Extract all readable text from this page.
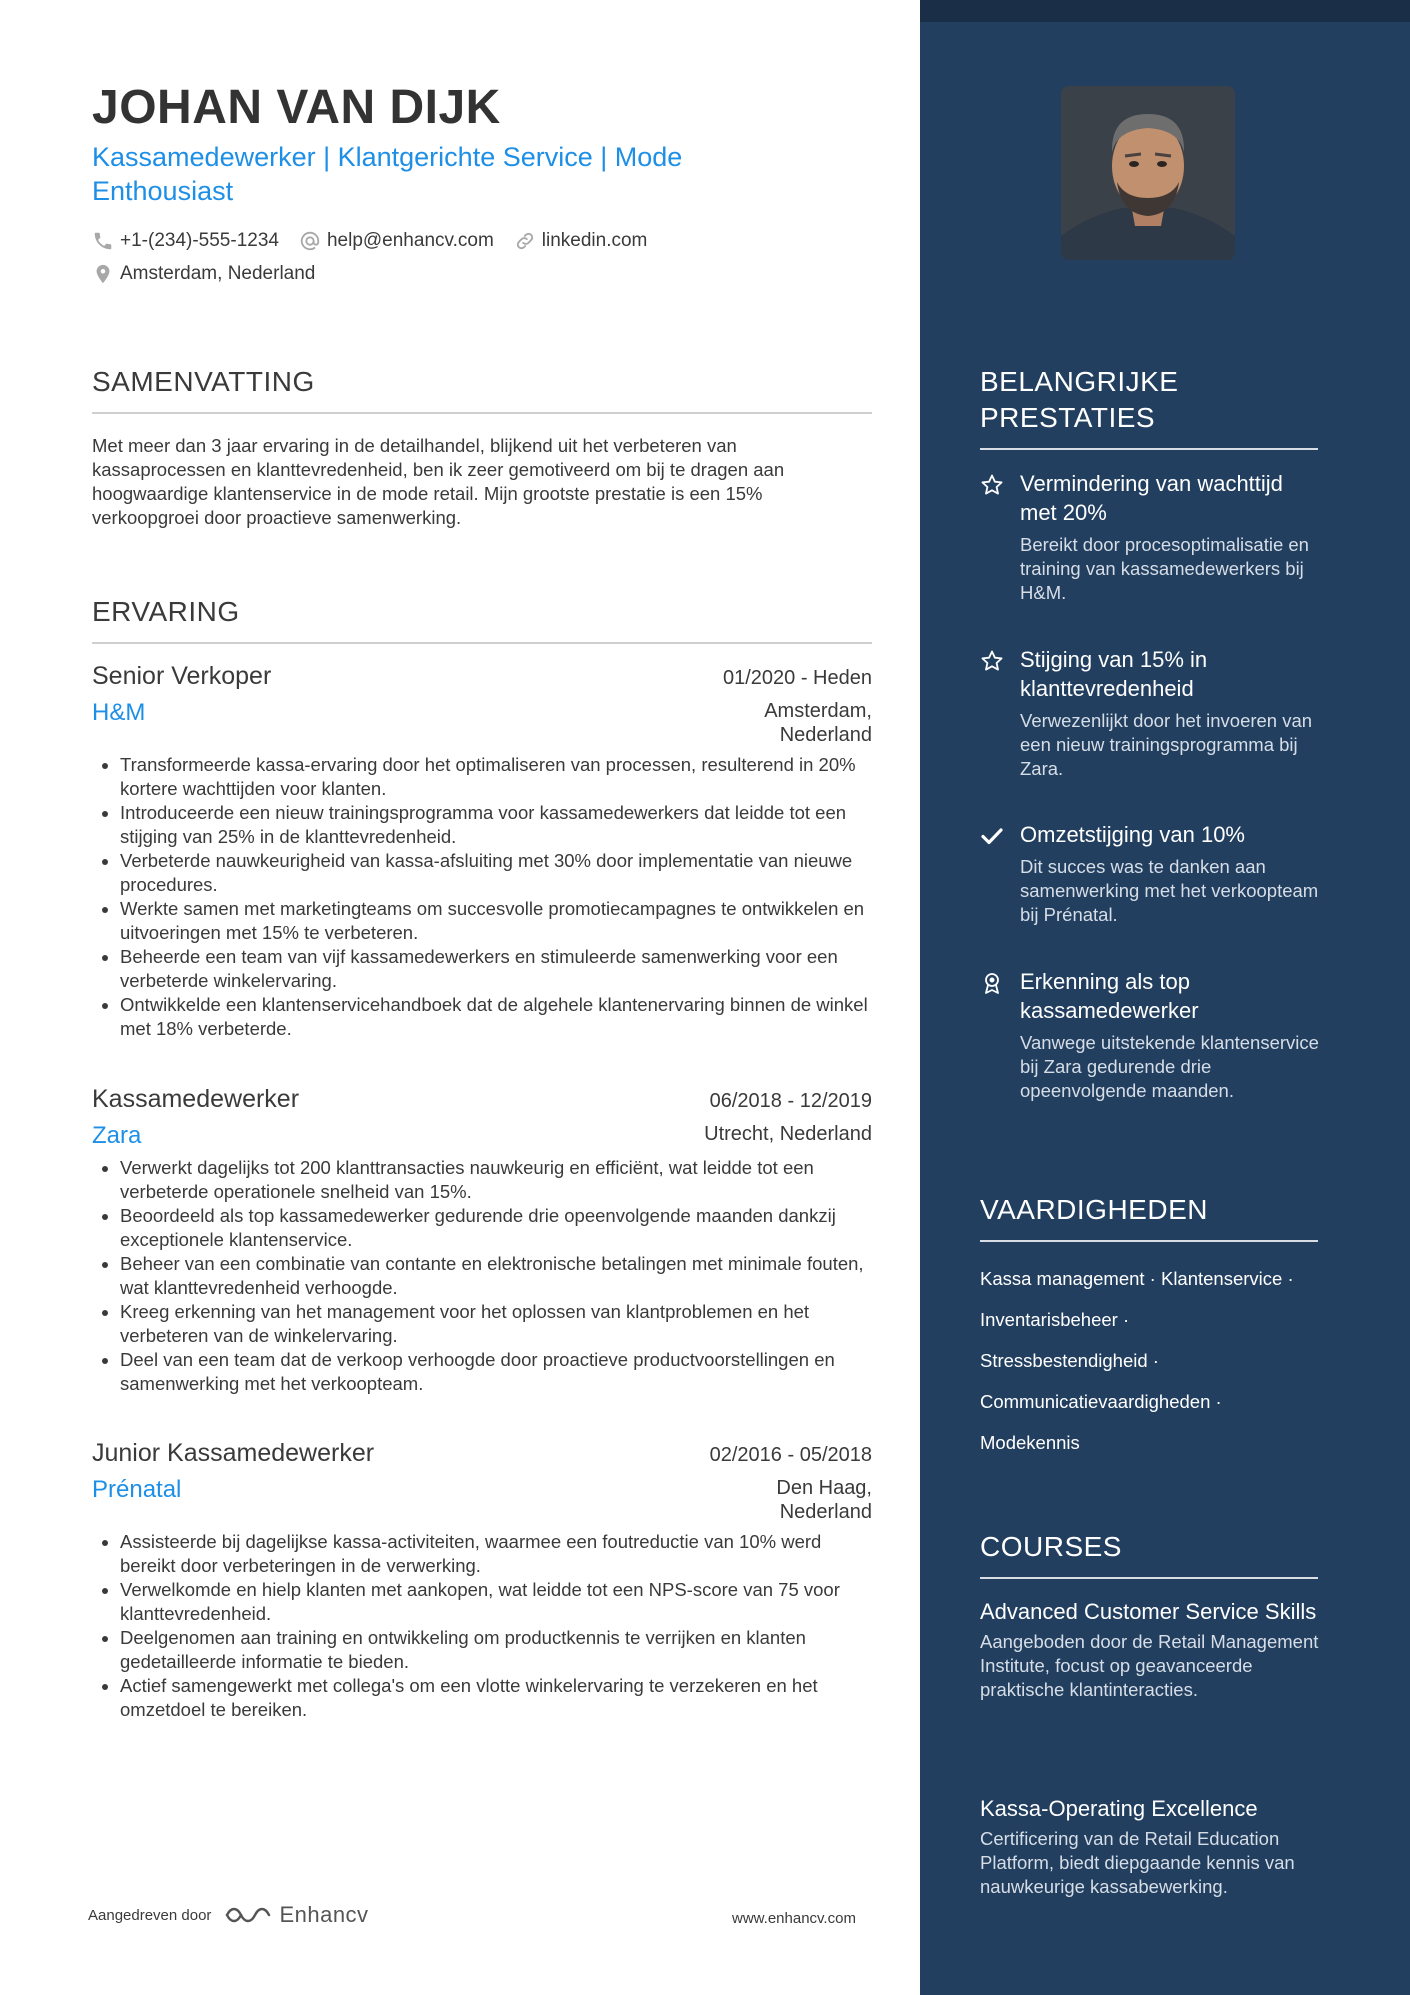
JOHAN VAN DIJK
Kassamedewerker | Klantgerichte Service | Mode Enthousiast
+1-(234)-555-1234	help@enhancv.com	linkedin.com
Amsterdam, Nederland
SAMENVATTING
Met meer dan 3 jaar ervaring in de detailhandel, blijkend uit het verbeteren van kassaprocessen en klanttevredenheid, ben ik zeer gemotiveerd om bij te dragen aan hoogwaardige klantenservice in de mode retail. Mijn grootste prestatie is een 15% verkoopgroei door proactieve samenwerking.
ERVARING
Senior Verkoper	01/2020 - Heden
H&M	Amsterdam, Nederland
• Transformeerde kassa-ervaring door het optimaliseren van processen, resulterend in 20% kortere wachttijden voor klanten.
• Introduceerde een nieuw trainingsprogramma voor kassamedewerkers dat leidde tot een stijging van 25% in de klanttevredenheid.
• Verbeterde nauwkeurigheid van kassa-afsluiting met 30% door implementatie van nieuwe procedures.
• Werkte samen met marketingteams om succesvolle promotiecampagnes te ontwikkelen en uitvoeringen met 15% te verbeteren.
• Beheerde een team van vijf kassamedewerkers en stimuleerde samenwerking voor een verbeterde winkelervaring.
• Ontwikkelde een klantenservicehandboek dat de algehele klantenervaring binnen de winkel met 18% verbeterde.
Kassamedewerker	06/2018 - 12/2019
Zara	Utrecht, Nederland
• Verwerkt dagelijks tot 200 klanttransacties nauwkeurig en efficiënt, wat leidde tot een verbeterde operationele snelheid van 15%.
• Beoordeeld als top kassamedewerker gedurende drie opeenvolgende maanden dankzij exceptionele klantenservice.
• Beheer van een combinatie van contante en elektronische betalingen met minimale fouten, wat klanttevredenheid verhoogde.
• Kreeg erkenning van het management voor het oplossen van klantproblemen en het verbeteren van de winkelervaring.
• Deel van een team dat de verkoop verhoogde door proactieve productvoorstellingen en samenwerking met het verkoopteam.
Junior Kassamedewerker	02/2016 - 05/2018
Prénatal	Den Haag, Nederland
• Assisteerde bij dagelijkse kassa-activiteiten, waarmee een foutreductie van 10% werd bereikt door verbeteringen in de verwerking.
• Verwelkomde en hielp klanten met aankopen, wat leidde tot een NPS-score van 75 voor klanttevredenheid.
• Deelgenomen aan training en ontwikkeling om productkennis te verrijken en klanten gedetailleerde informatie te bieden.
• Actief samengewerkt met collega's om een vlotte winkelervaring te verzekeren en het omzetdoel te bereiken.
Aangedreven door	Enhancv	www.enhancv.com
BELANGRIJKE PRESTATIES
Vermindering van wachttijd met 20%
Bereikt door procesoptimalisatie en training van kassamedewerkers bij H&M.
Stijging van 15% in klanttevredenheid
Verwezenlijkt door het invoeren van een nieuw trainingsprogramma bij Zara.
Omzetstijging van 10%
Dit succes was te danken aan samenwerking met het verkoopteam bij Prénatal.
Erkenning als top kassamedewerker
Vanwege uitstekende klantenservice bij Zara gedurende drie opeenvolgende maanden.
VAARDIGHEDEN
Kassa management · Klantenservice ·
Inventarisbeheer ·
Stressbestendigheid ·
Communicatievaardigheden ·
Modekennis
COURSES
Advanced Customer Service Skills
Aangeboden door de Retail Management Institute, focust op geavanceerde praktische klantinteracties.
Kassa-Operating Excellence
Certificering van de Retail Education Platform, biedt diepgaande kennis van nauwkeurige kassabewerking.
